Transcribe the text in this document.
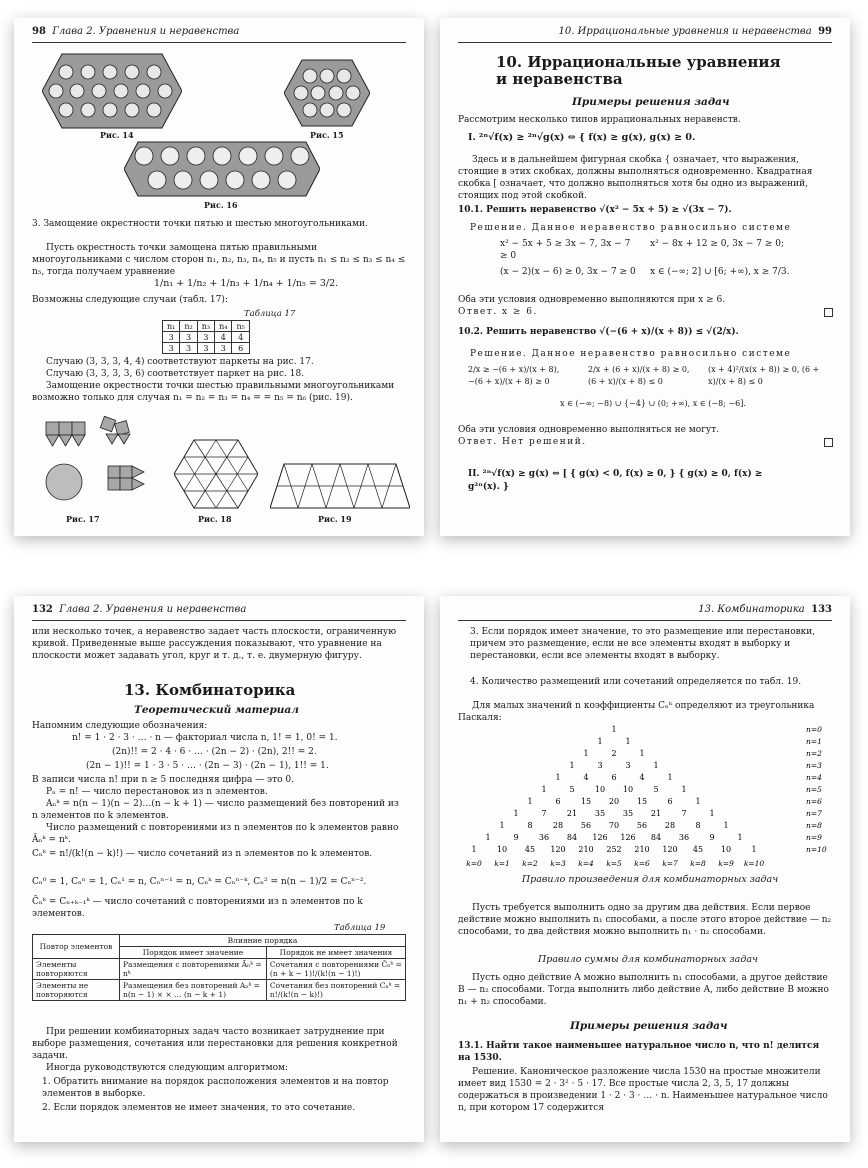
98 Глава 2. Уравнения и неравенства
Рис. 14	Рис. 15
Рис. 16
3. Замощение окрестности точки пятью и шестью многоугольниками.
Пусть окрестность точки замощена пятью правильными многоугольниками с числом сторон n₁, n₂, n₃, n₄, n₅ и пусть n₁ ≤ n₂ ≤ n₃ ≤ n₄ ≤ n₅, тогда получаем уравнение
1/n₁ + 1/n₂ + 1/n₃ + 1/n₄ + 1/n₅ = 3/2.
Возможны следующие случаи (табл. 17):
Таблица 17
n₁	n₂	n₃	n₄	n₅
3	3	3	4	4
3	3	3	3	6
Случаю (3, 3, 3, 4, 4) соответствуют паркеты на рис. 17.
Случаю (3, 3, 3, 3, 6) соответствует паркет на рис. 18.
Замощение окрестности точки шестью правильными многоугольниками возможно только для случая n₁ = n₂ = n₃ = n₄ = = n₅ = n₆ (рис. 19).
Рис. 17	Рис. 18	Рис. 19
10. Иррациональные уравнения и неравенства 99
10. Иррациональные уравнения и неравенства
Примеры решения задач
Рассмотрим несколько типов иррациональных неравенств.
I. ²ⁿ√f(x) ≥ ²ⁿ√g(x) ⇔ { f(x) ≥ g(x), g(x) ≥ 0.
Здесь и в дальнейшем фигурная скобка { означает, что выражения, стоящие в этих скобках, должны выполняться одновременно. Квадратная скобка [ означает, что должно выполняться хотя бы одно из выражений, стоящих под этой скобкой.
10.1. Решить неравенство √(x² − 5x + 5) ≥ √(3x − 7).
Решение. Данное неравенство равносильно системе
x² − 5x + 5 ≥ 3x − 7, 3x − 7 ≥ 0
x² − 8x + 12 ≥ 0, 3x − 7 ≥ 0;
(x − 2)(x − 6) ≥ 0, 3x − 7 ≥ 0	x ∈ (−∞; 2] ∪ [6; +∞), x ≥ 7/3.
Оба эти условия одновременно выполняются при x ≥ 6.
Ответ. x ≥ 6.
10.2. Решить неравенство √(−(6 + x)/(x + 8)) ≤ √(2/x).
Решение. Данное неравенство равносильно системе
2/x ≥ −(6 + x)/(x + 8), −(6 + x)/(x + 8) ≥ 0
2/x + (6 + x)/(x + 8) ≥ 0, (6 + x)/(x + 8) ≤ 0
(x + 4)²/(x(x + 8)) ≥ 0, (6 + x)/(x + 8) ≤ 0
x ∈ (−∞; −8) ∪ {−4} ∪ (0; +∞), x ∈ (−8; −6].
Оба эти условия одновременно выполняться не могут.
Ответ. Нет решений.
II. ²ⁿ√f(x) ≥ g(x) ⇔ [ { g(x) < 0, f(x) ≥ 0, } { g(x) ≥ 0, f(x) ≥ g²ⁿ(x). }
132 Глава 2. Уравнения и неравенства
или несколько точек, а неравенство задает часть плоскости, ограниченную кривой. Приведенные выше рассуждения показывают, что уравнение на плоскости может задавать угол, круг и т. д., т. е. двумерную фигуру.
13. Комбинаторика
Теоретический материал
Напомним следующие обозначения:
n! = 1 · 2 · 3 · … · n — факториал числа n, 1! = 1, 0! = 1.
(2n)!! = 2 · 4 · 6 · … · (2n − 2) · (2n), 2!! = 2.
(2n − 1)!! = 1 · 3 · 5 · … · (2n − 3) · (2n − 1), 1!! = 1.
В записи числа n! при n ≥ 5 последняя цифра — это 0.
Pₙ = n! — число перестановок из n элементов.
Aₙᵏ = n(n − 1)(n − 2)…(n − k + 1) — число размещений без повторений из n элементов по k элементов.
Число размещений с повторениями из n элементов по k элементов равно Āₙᵏ = nᵏ.
Cₙᵏ = n!/(k!(n − k)!) — число сочетаний из n элементов по k элементов.
Cₙ⁰ = 1, Cₙⁿ = 1, Cₙ¹ = n, Cₙⁿ⁻¹ = n, Cₙᵏ = Cₙⁿ⁻ᵏ, Cₙ² = n(n − 1)/2 = Cₙⁿ⁻².
C̄ₙᵏ = Cₙ₊ₖ₋₁ᵏ — число сочетаний с повторениями из n элементов по k элементов.
Таблица 19
Повтор элементов	Влияние порядка	
	Порядок имеет значение	Порядок не имеет значения
Элементы повторяются	Размещения с повторениями Āₙᵏ = nᵏ	Сочетания с повторениями C̄ₙᵏ = (n + k − 1)!/(k!(n − 1)!)
Элементы не повторяются	Размещения без повторений Aₙᵏ = n(n − 1) × × … (n − k + 1)	Сочетания без повторений Cₙᵏ = n!/(k!(n − k)!)
При решении комбинаторных задач часто возникает затруднение при выборе размещения, сочетания или перестановки для решения конкретной задачи.
Иногда руководствуются следующим алгоритмом:
1. Обратить внимание на порядок расположения элементов и на повтор элементов в выборке.
2. Если порядок элементов не имеет значения, то это сочетание.
13. Комбинаторика 133
3. Если порядок имеет значение, то это размещение или перестановки, причем это размещение, если не все элементы входят в выборку и перестановки, если все элементы входят в выборку.
4. Количество размещений или сочетаний определяется по табл. 19.
Для малых значений n коэффициенты Cₙᵏ определяют из треугольника Паскаля:
1	n=0
1	1	n=1
1	2	1	n=2
1	3	3	1	n=3
1	4	6	4	1	n=4
1	5	10 10	5	1	n=5
1	6	15 20 15	6	1	n=6
1	7	21 35 35 21	7	1	n=7
1	8	28 56 70 56 28	8	1	n=8
1	9	36 84 126 126 84 36	9	1	n=9
1	10 45 120 210 252 210 120 45 10	1	n=10
k=0 k=1 k=2 k=3 k=4 k=5 k=6 k=7 k=8 k=9 k=10
Правило произведения для комбинаторных задач
Пусть требуется выполнить одно за другим два действия. Если первое действие можно выполнить n₁ способами, а после этого второе действие — n₂ способами, то два действия можно выполнить n₁ · n₂ способами.
Правило суммы для комбинаторных задач
Пусть одно действие A можно выполнить n₁ способами, а другое действие B — n₂ способами. Тогда выполнить либо действие A, либо действие B можно n₁ + n₂ способами.
Примеры решения задач
13.1. Найти такое наименьшее натуральное число n, что n! делится на 1530.
Решение. Каноническое разложение числа 1530 на простые множители имеет вид 1530 = 2 · 3² · 5 · 17. Все простые числа 2, 3, 5, 17 должны содержаться в произведении 1 · 2 · 3 · … · n. Наименьшее натуральное число n, при котором 17 содержится
